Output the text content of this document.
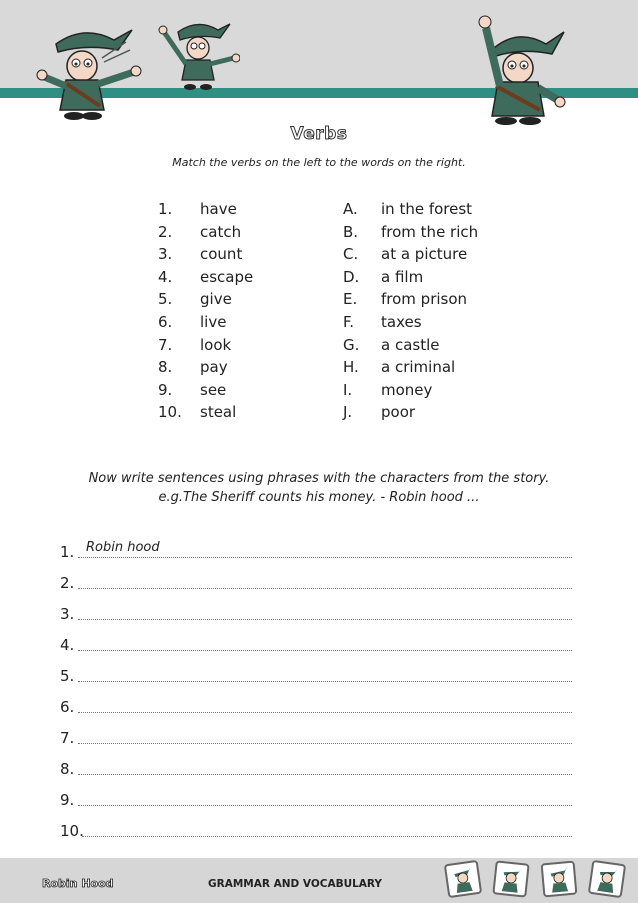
Verbs
Match the verbs on the left to the words on the right.
1. have
2. catch
3. count
4. escape
5. give
6. live
7. look
8. pay
9. see
10. steal
A. in the forest
B. from the rich
C. at a picture
D. a film
E. from prison
F. taxes
G. a castle
H. a criminal
I. money
J. poor
Now write sentences using phrases with the characters from the story.
e.g.The Sheriff counts his money. - Robin hood ...
1. Robin hood
2.
3.
4.
5.
6.
7.
8.
9.
10.
Robin Hood	GRAMMAR AND VOCABULARY
